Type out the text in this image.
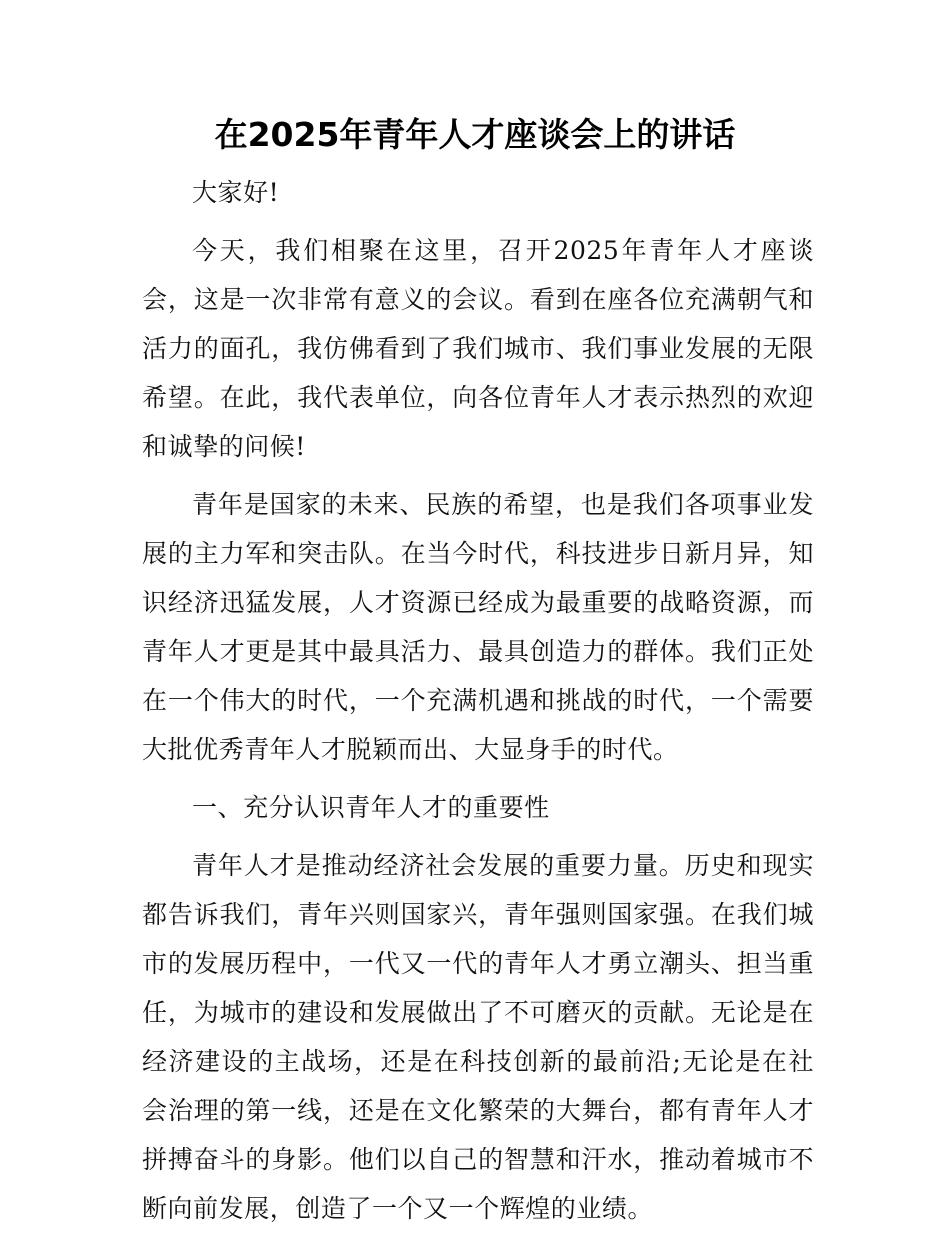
在2025年青年人才座谈会上的讲话

大家好!

今天，我们相聚在这里，召开2025年青年人才座谈会，这是一次非常有意义的会议。看到在座各位充满朝气和活力的面孔，我仿佛看到了我们城市、我们事业发展的无限希望。在此，我代表单位，向各位青年人才表示热烈的欢迎和诚挚的问候!

青年是国家的未来、民族的希望，也是我们各项事业发展的主力军和突击队。在当今时代，科技进步日新月异，知识经济迅猛发展，人才资源已经成为最重要的战略资源，而青年人才更是其中最具活力、最具创造力的群体。我们正处在一个伟大的时代，一个充满机遇和挑战的时代，一个需要大批优秀青年人才脱颖而出、大显身手的时代。

一、充分认识青年人才的重要性

青年人才是推动经济社会发展的重要力量。历史和现实都告诉我们，青年兴则国家兴，青年强则国家强。在我们城市的发展历程中，一代又一代的青年人才勇立潮头、担当重任，为城市的建设和发展做出了不可磨灭的贡献。无论是在经济建设的主战场，还是在科技创新的最前沿;无论是在社会治理的第一线，还是在文化繁荣的大舞台，都有青年人才拼搏奋斗的身影。他们以自己的智慧和汗水，推动着城市不断向前发展，创造了一个又一个辉煌的业绩。
